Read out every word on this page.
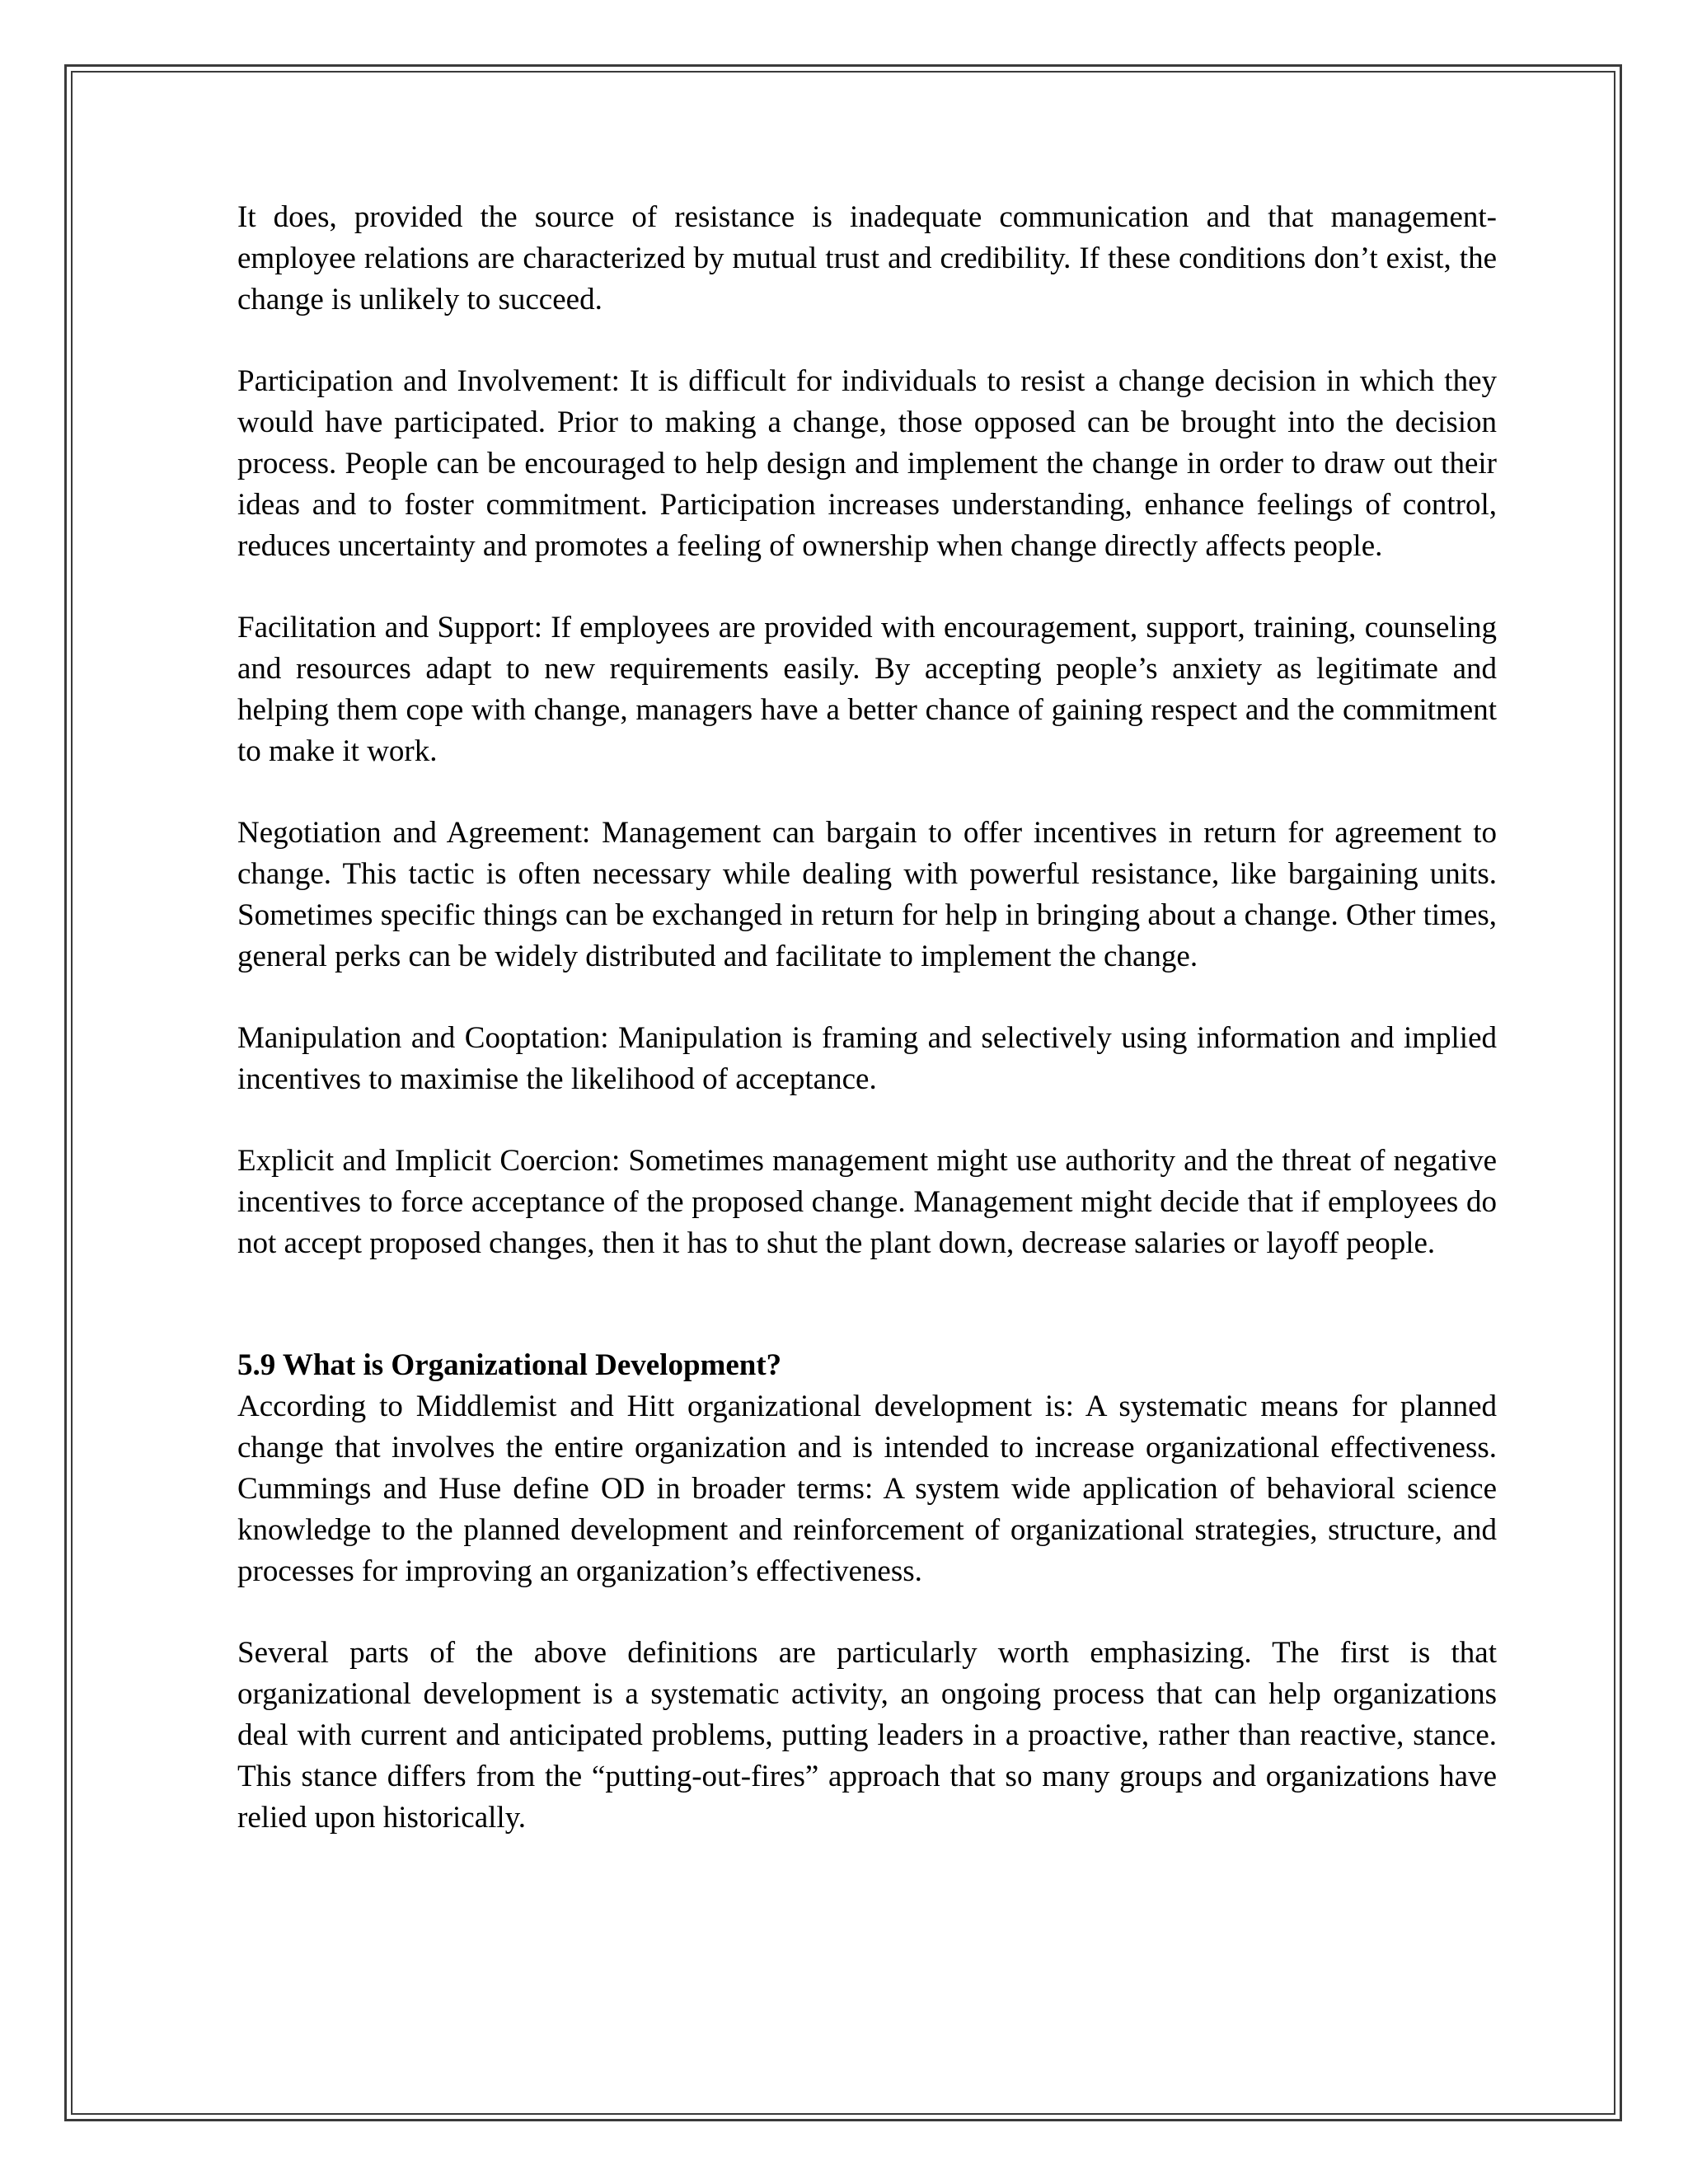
It does, provided the source of resistance is inadequate communication and that management-employee relations are characterized by mutual trust and credibility. If these conditions don’t exist, the change is unlikely to succeed.

Participation and Involvement: It is difficult for individuals to resist a change decision in which they would have participated. Prior to making a change, those opposed can be brought into the decision process. People can be encouraged to help design and implement the change in order to draw out their ideas and to foster commitment. Participation increases understanding, enhance feelings of control, reduces uncertainty and promotes a feeling of ownership when change directly affects people.

Facilitation and Support: If employees are provided with encouragement, support, training, counseling and resources adapt to new requirements easily. By accepting people’s anxiety as legitimate and helping them cope with change, managers have a better chance of gaining respect and the commitment to make it work.

Negotiation and Agreement: Management can bargain to offer incentives in return for agreement to change. This tactic is often necessary while dealing with powerful resistance, like bargaining units. Sometimes specific things can be exchanged in return for help in bringing about a change. Other times, general perks can be widely distributed and facilitate to implement the change.

Manipulation and Cooptation: Manipulation is framing and selectively using information and implied incentives to maximise the likelihood of acceptance.

Explicit and Implicit Coercion: Sometimes management might use authority and the threat of negative incentives to force acceptance of the proposed change. Management might decide that if employees do not accept proposed changes, then it has to shut the plant down, decrease salaries or layoff people.

5.9 What is Organizational Development?

According to Middlemist and Hitt organizational development is: A systematic means for planned change that involves the entire organization and is intended to increase organizational effectiveness. Cummings and Huse define OD in broader terms: A system wide application of behavioral science knowledge to the planned development and reinforcement of organizational strategies, structure, and processes for improving an organization’s effectiveness.

Several parts of the above definitions are particularly worth emphasizing. The first is that organizational development is a systematic activity, an ongoing process that can help organizations deal with current and anticipated problems, putting leaders in a proactive, rather than reactive, stance. This stance differs from the “putting-out-fires” approach that so many groups and organizations have relied upon historically.
